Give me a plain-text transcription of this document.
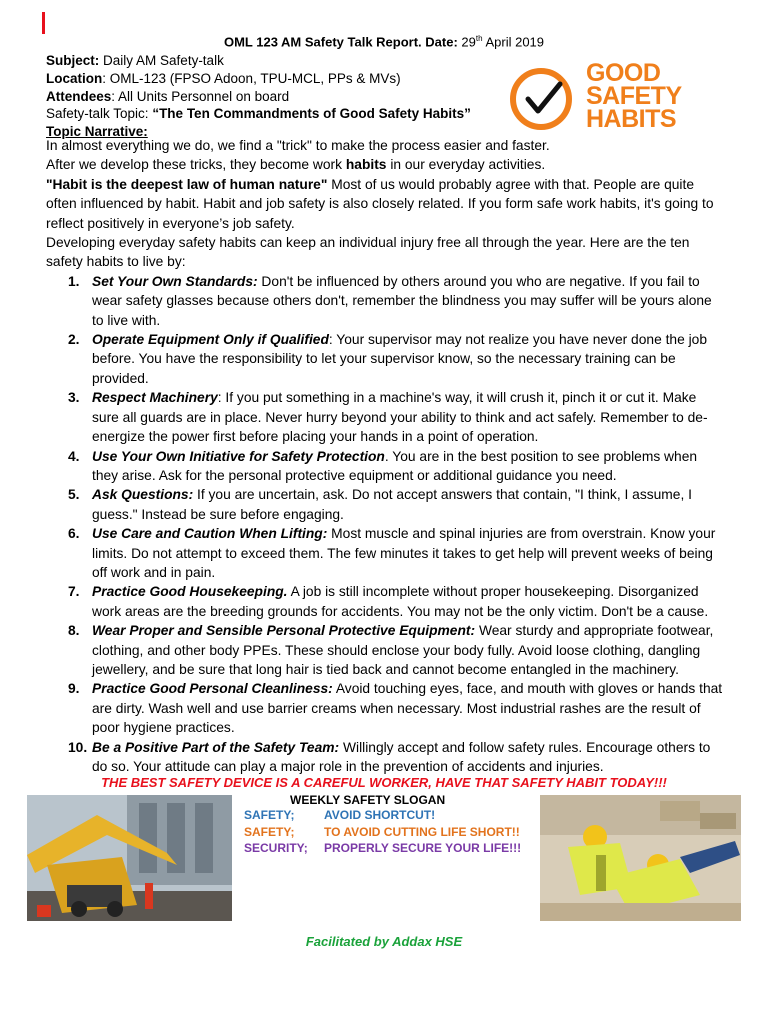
OML 123 AM Safety Talk Report. Date: 29th April 2019
Subject: Daily AM Safety-talk
Location: OML-123 (FPSO Adoon, TPU-MCL, PPs & MVs)
Attendees: All Units Personnel on board
Safety-talk Topic: “The Ten Commandments of Good Safety Habits”
Topic Narrative:
GOOD
SAFETY
HABITS

In almost everything we do, we find a "trick" to make the process easier and faster.

After we develop these tricks, they become work habits in our everyday activities.

"Habit is the deepest law of human nature" Most of us would probably agree with that. People are quite often influenced by habit. Habit and job safety is also closely related. If you form safe work habits, it's going to reflect positively in everyone’s job safety.

Developing everyday safety habits can keep an individual injury free all through the year. Here are the ten safety habits to live by:

1. Set Your Own Standards: Don't be influenced by others around you who are negative. If you fail to wear safety glasses because others don't, remember the blindness you may suffer will be yours alone to live with.
2. Operate Equipment Only if Qualified: Your supervisor may not realize you have never done the job before. You have the responsibility to let your supervisor know, so the necessary training can be provided.
3. Respect Machinery: If you put something in a machine's way, it will crush it, pinch it or cut it. Make sure all guards are in place. Never hurry beyond your ability to think and act safely. Remember to de-energize the power first before placing your hands in a point of operation.
4. Use Your Own Initiative for Safety Protection. You are in the best position to see problems when they arise. Ask for the personal protective equipment or additional guidance you need.
5. Ask Questions: If you are uncertain, ask. Do not accept answers that contain, "I think, I assume, I guess." Instead be sure before engaging.
6. Use Care and Caution When Lifting: Most muscle and spinal injuries are from overstrain. Know your limits. Do not attempt to exceed them. The few minutes it takes to get help will prevent weeks of being off work and in pain.
7. Practice Good Housekeeping. A job is still incomplete without proper housekeeping. Disorganized work areas are the breeding grounds for accidents. You may not be the only victim. Don't be a cause.
8. Wear Proper and Sensible Personal Protective Equipment: Wear sturdy and appropriate footwear, clothing, and other body PPEs. These should enclose your body fully. Avoid loose clothing, dangling jewellery, and be sure that long hair is tied back and cannot become entangled in the machinery.
9. Practice Good Personal Cleanliness: Avoid touching eyes, face, and mouth with gloves or hands that are dirty. Wash well and use barrier creams when necessary. Most industrial rashes are the result of poor hygiene practices.
10. Be a Positive Part of the Safety Team: Willingly accept and follow safety rules. Encourage others to do so. Your attitude can play a major role in the prevention of accidents and injuries.
THE BEST SAFETY DEVICE IS A CAREFUL WORKER, HAVE THAT SAFETY HABIT TODAY!!!
WEEKLY SAFETY SLOGAN
SAFETY; AVOID SHORTCUT!
SAFETY; TO AVOID CUTTING LIFE SHORT!!
SECURITY; PROPERLY SECURE YOUR LIFE!!!
Facilitated by Addax HSE
